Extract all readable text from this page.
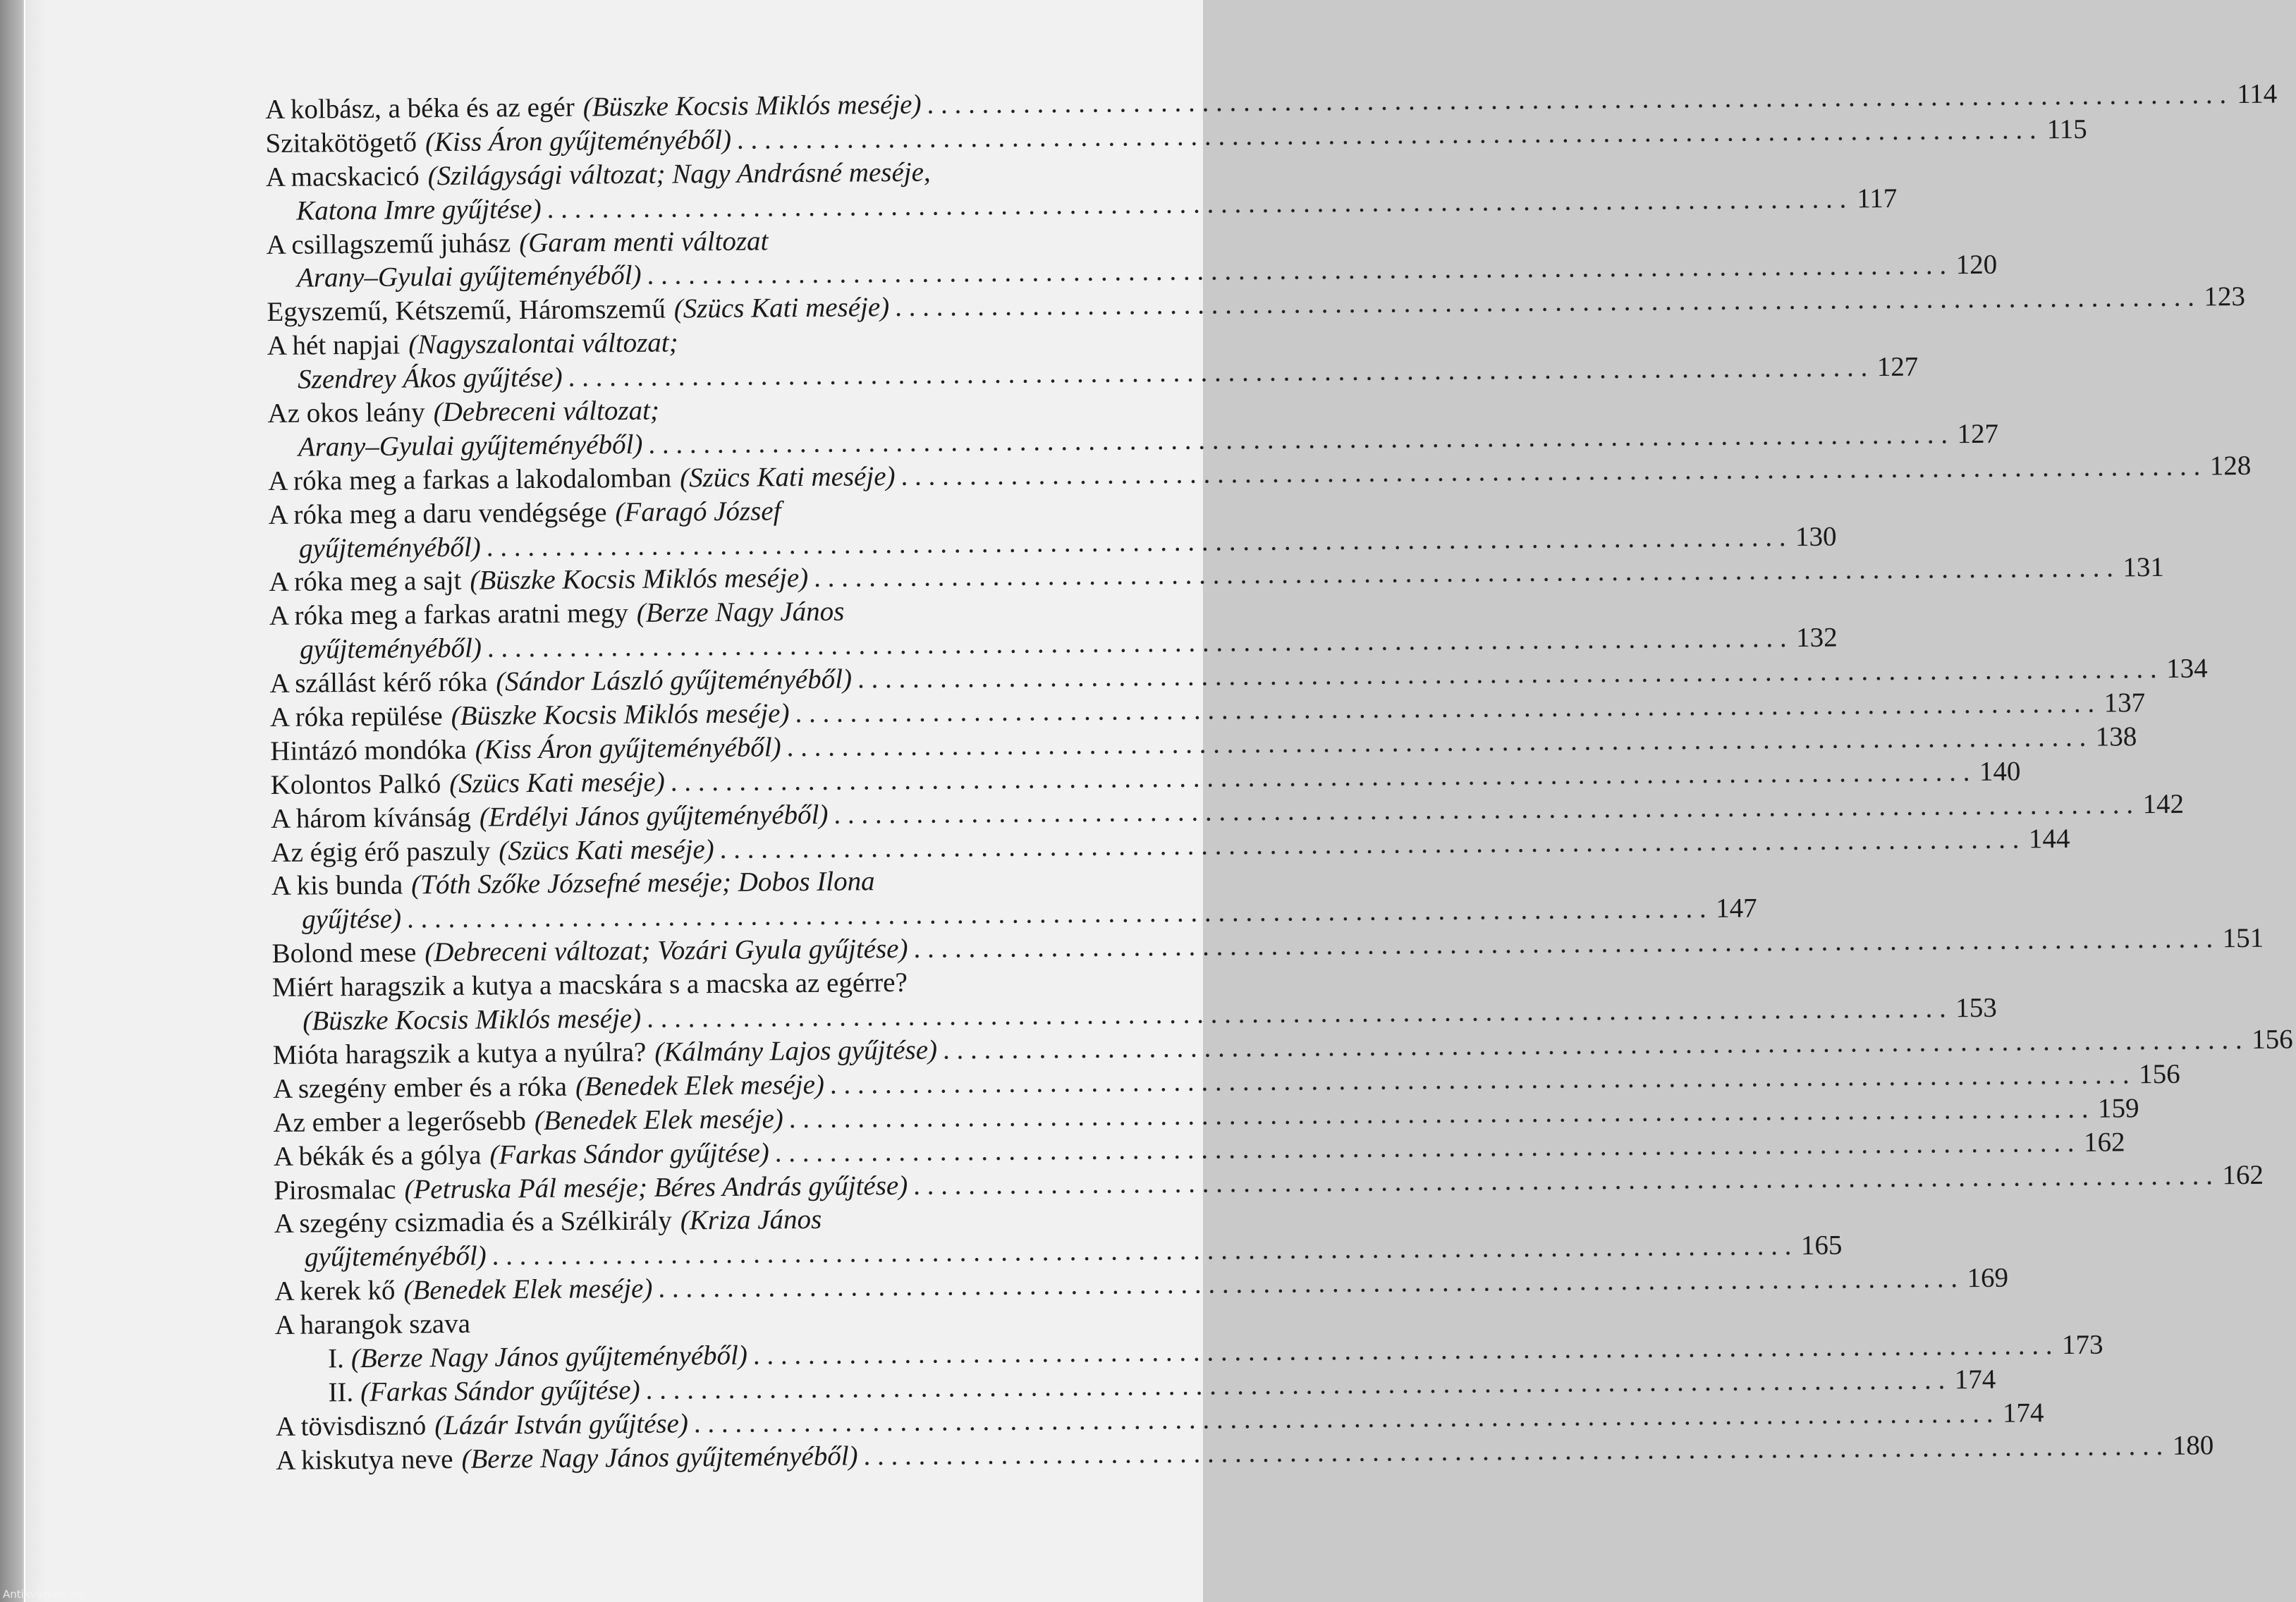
A kolbász, a béka és az egér (Büszke Kocsis Miklós meséje) . . .	114
Szitakötögető (Kiss Áron gyűjteményéből) . . .	115
A macskacicó (Szilágysági változat; Nagy Andrásné meséje,
Katona Imre gyűjtése) . . .	117
A csillagszemű juhász (Garam menti változat
Arany–Gyulai gyűjteményéből) . . .	120
Egyszemű, Kétszemű, Háromszemű (Szücs Kati meséje) . . .	123
A hét napjai (Nagyszalontai változat;
Szendrey Ákos gyűjtése) . . .	127
Az okos leány (Debreceni változat;
Arany–Gyulai gyűjteményéből) . . .	127
A róka meg a farkas a lakodalomban (Szücs Kati meséje) . . .	128
A róka meg a daru vendégsége (Faragó József
gyűjteményéből) . . .	130
A róka meg a sajt (Büszke Kocsis Miklós meséje) . . .	131
A róka meg a farkas aratni megy (Berze Nagy János
gyűjteményéből) . . .	132
A szállást kérő róka (Sándor László gyűjteményéből) . . .	134
A róka repülése (Büszke Kocsis Miklós meséje) . . .	137
Hintázó mondóka (Kiss Áron gyűjteményéből) . . .	138
Kolontos Palkó (Szücs Kati meséje) . . .	140
A három kívánság (Erdélyi János gyűjteményéből) . . .	142
Az égig érő paszuly (Szücs Kati meséje) . . .	144
A kis bunda (Tóth Szőke Józsefné meséje; Dobos Ilona
gyűjtése) . . .	147
Bolond mese (Debreceni változat; Vozári Gyula gyűjtése) . . .	151
Miért haragszik a kutya a macskára s a macska az egérre?
(Büszke Kocsis Miklós meséje) . . .	153
Mióta haragszik a kutya a nyúlra? (Kálmány Lajos gyűjtése) . . .	156
A szegény ember és a róka (Benedek Elek meséje) . . .	156
Az ember a legerősebb (Benedek Elek meséje) . . .	159
A békák és a gólya (Farkas Sándor gyűjtése) . . .	162
Pirosmalac (Petruska Pál meséje; Béres András gyűjtése) . . .	162
A szegény csizmadia és a Szélkirály (Kriza János
gyűjteményéből) . . .	165
A kerek kő (Benedek Elek meséje) . . .	169
A harangok szava
I. (Berze Nagy János gyűjteményéből) . . .	173
II. (Farkas Sándor gyűjtése) . . .	174
A tövisdisznó (Lázár István gyűjtése) . . .	174
A kiskutya neve (Berze Nagy János gyűjteményéből) . . .	180
Antikvárium.hu
